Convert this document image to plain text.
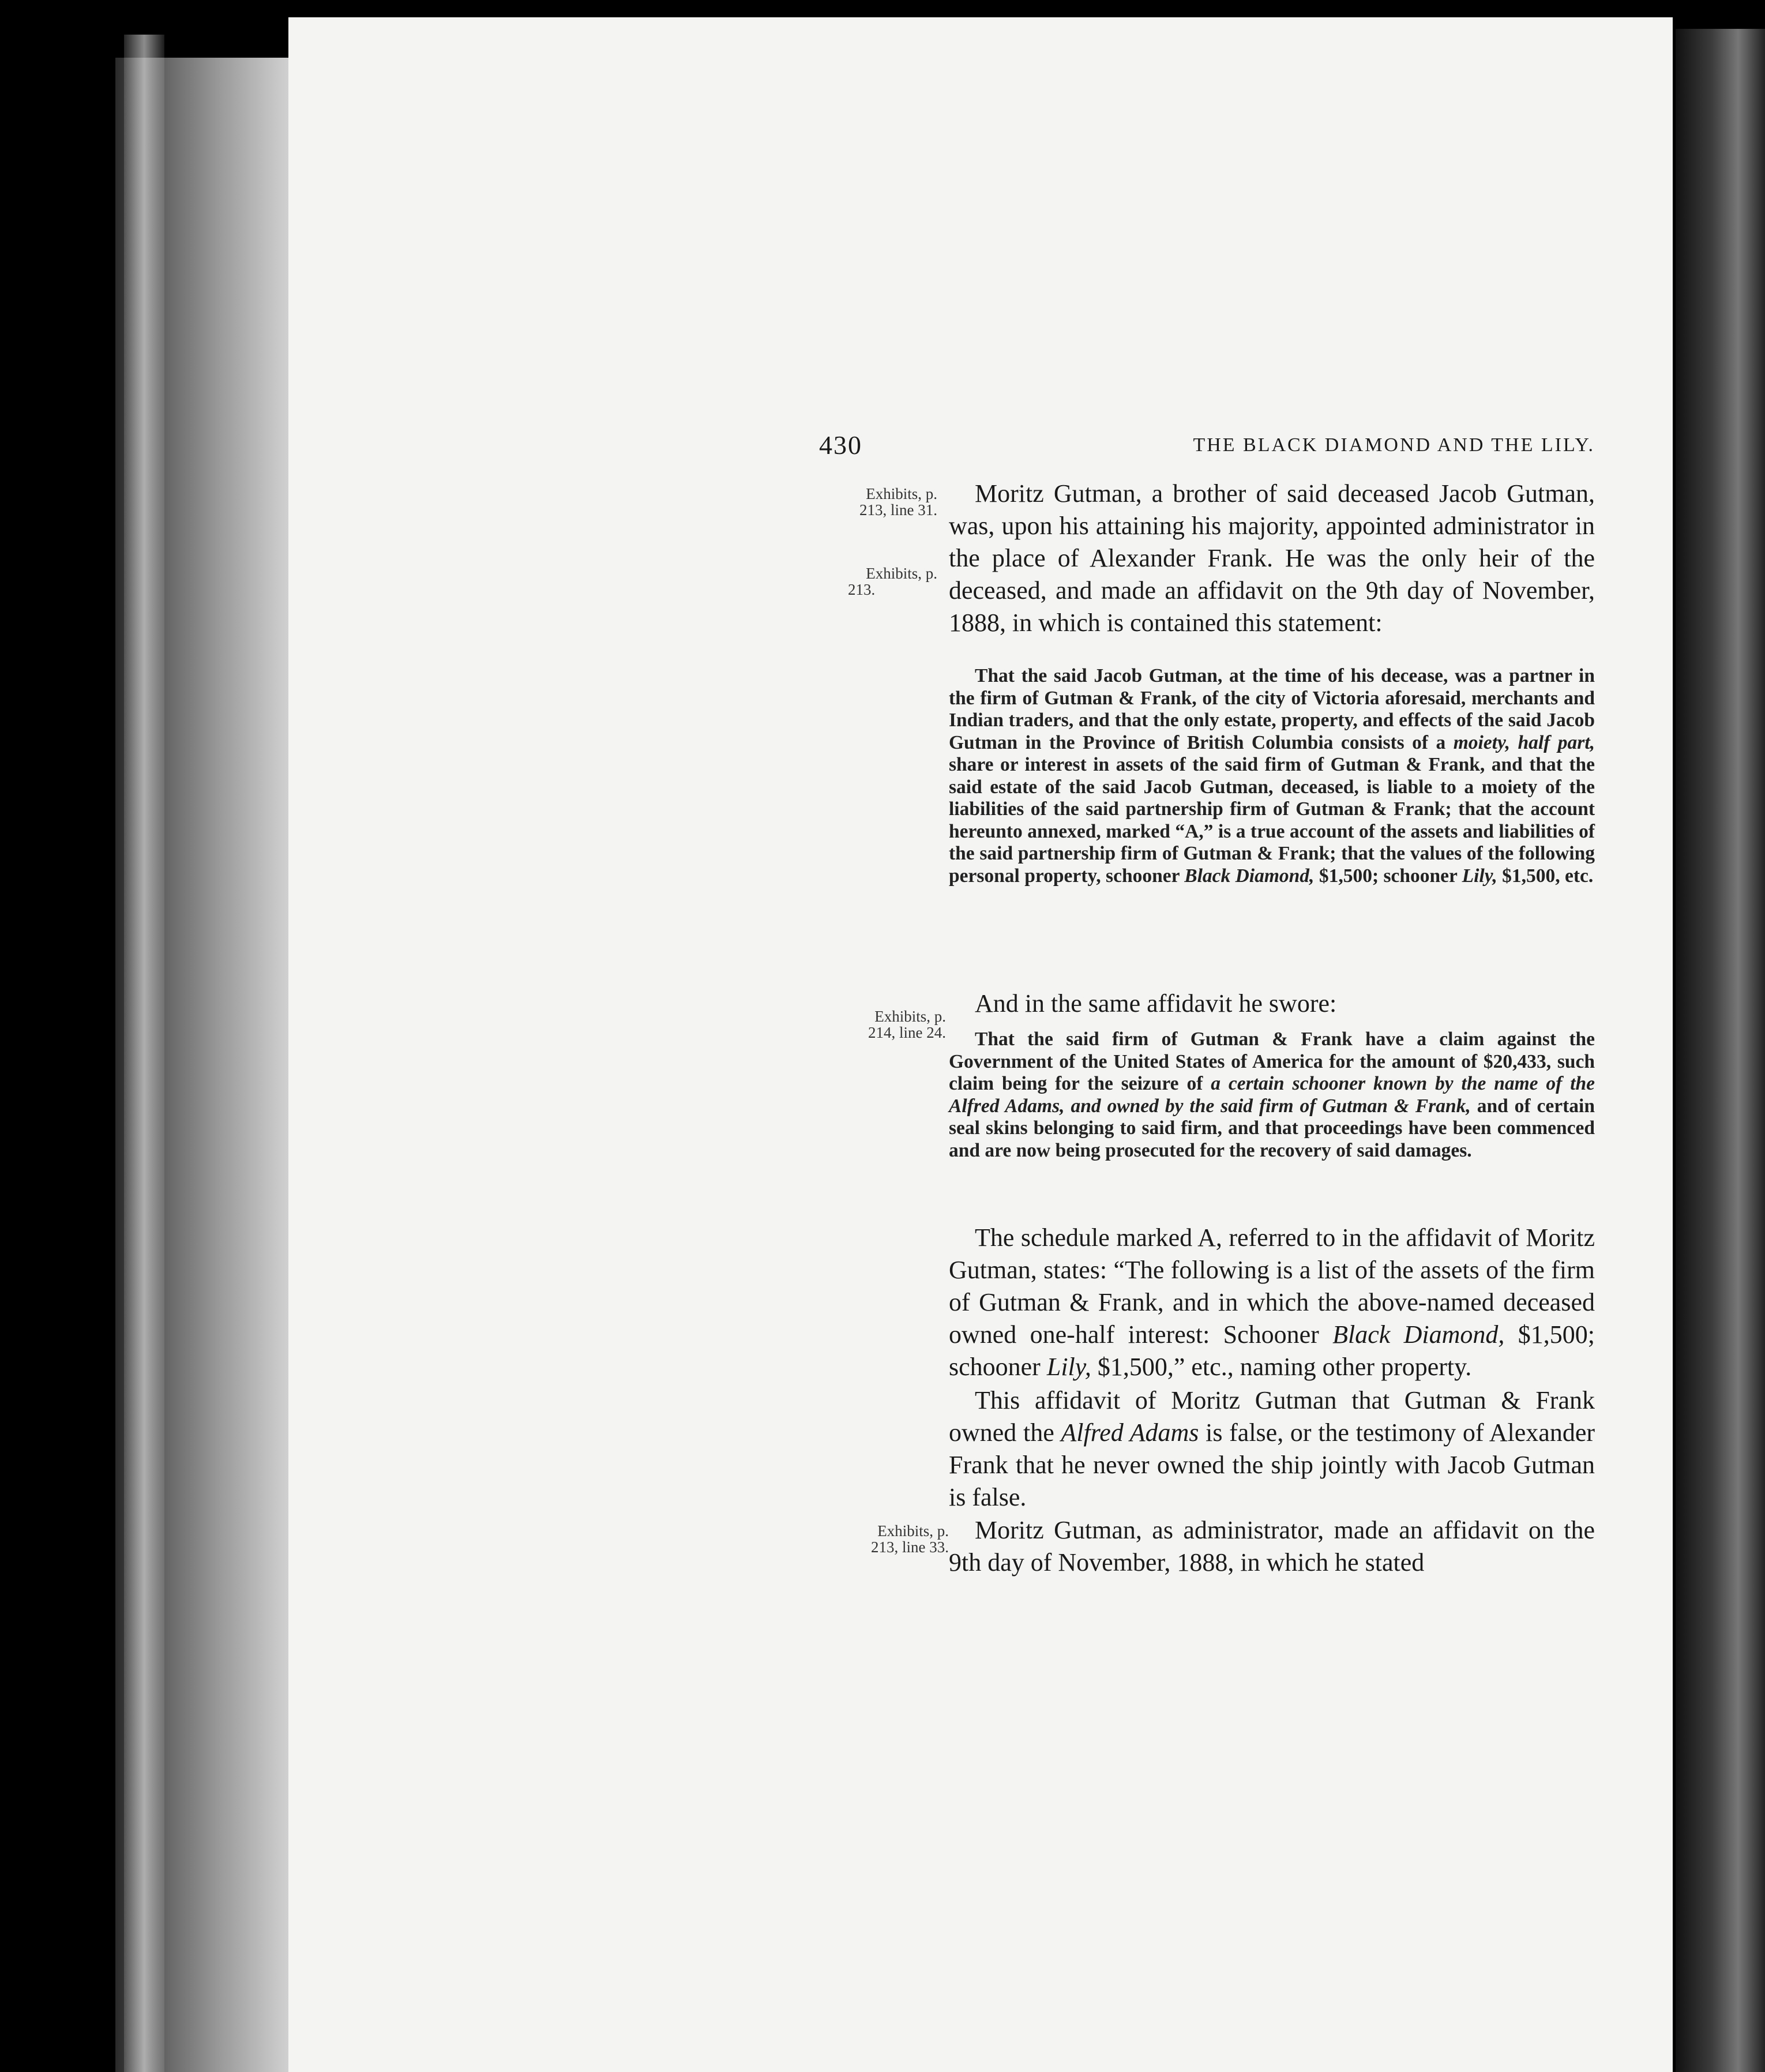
430	THE BLACK DIAMOND AND THE LILY.
Exhibits, p.
213, line 31.
Exhibits, p.
213.
Exhibits, p.
214, line 24.
Exhibits, p.
213, line 33.

Moritz Gutman, a brother of said deceased Jacob Gutman, was, upon his attaining his majority, appointed administrator in the place of Alexander Frank. He was the only heir of the deceased, and made an affidavit on the 9th day of November, 1888, in which is contained this statement:

That the said Jacob Gutman, at the time of his decease, was a partner in the firm of Gutman & Frank, of the city of Victoria aforesaid, merchants and Indian traders, and that the only estate, property, and effects of the said Jacob Gutman in the Province of British Columbia consists of a moiety, half part, share or interest in assets of the said firm of Gutman & Frank, and that the said estate of the said Jacob Gutman, deceased, is liable to a moiety of the liabilities of the said partnership firm of Gutman & Frank; that the account hereunto annexed, marked “A,” is a true account of the assets and liabilities of the said partnership firm of Gutman & Frank; that the values of the following personal property, schooner Black Diamond, $1,500; schooner Lily, $1,500, etc.

And in the same affidavit he swore:

That the said firm of Gutman & Frank have a claim against the Government of the United States of America for the amount of $20,433, such claim being for the seizure of a certain schooner known by the name of the Alfred Adams, and owned by the said firm of Gutman & Frank, and of certain seal skins belonging to said firm, and that proceedings have been commenced and are now being prosecuted for the recovery of said damages.

The schedule marked A, referred to in the affidavit of Moritz Gutman, states: “The following is a list of the assets of the firm of Gutman & Frank, and in which the above-named deceased owned one-half interest: Schooner Black Diamond, $1,500; schooner Lily, $1,500,” etc., naming other property.

This affidavit of Moritz Gutman that Gutman & Frank owned the Alfred Adams is false, or the testimony of Alexander Frank that he never owned the ship jointly with Jacob Gutman is false.

Moritz Gutman, as administrator, made an affidavit on the 9th day of November, 1888, in which he stated
